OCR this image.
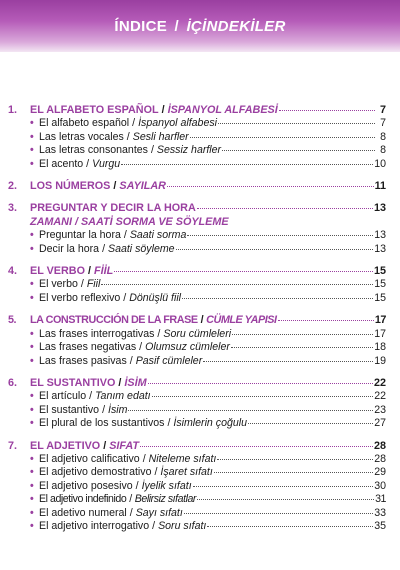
ÍNDICE / İÇİNDEKİLER
1.	EL ALFABETO ESPAÑOL / İSPANYOL ALFABESİ	7
• El alfabeto español / İspanyol alfabesi	7
• Las letras vocales / Sesli harfler	8
• Las letras consonantes / Sessiz harfler	8
• El acento / Vurgu	10
2.	LOS NÚMEROS / SAYILAR	11
3.	PREGUNTAR Y DECIR LA HORA	13
ZAMANI / SAATİ SORMA VE SÖYLEME
• Preguntar la hora / Saati sorma	13
• Decir la hora / Saati söyleme	13
4.	EL VERBO / FİİL	15
• El verbo / Fiil	15
• El verbo reflexivo / Dönüşlü fiil	15
5.	LA CONSTRUCCIÓN DE LA FRASE / CÜMLE YAPISI	17
• Las frases interrogativas / Soru cümleleri	17
• Las frases negativas / Olumsuz cümleler	18
• Las frases pasivas / Pasif cümleler	19
6.	EL SUSTANTIVO / İSİM	22
• El artículo / Tanım edatı	22
• El sustantivo / İsim	23
• El plural de los sustantivos / İsimlerin çoğulu	27
7.	EL ADJETIVO / SIFAT	28
• El adjetivo calificativo / Niteleme sıfatı	28
• El adjetivo demostrativo / İşaret sıfatı	29
• El adjetivo posesivo / İyelik sıfatı	30
• El adjetivo indefinido / Belirsiz sıfatlar	31
• El adetivo numeral / Sayı sıfatı	33
• El adjetivo interrogativo / Soru sıfatı	35
